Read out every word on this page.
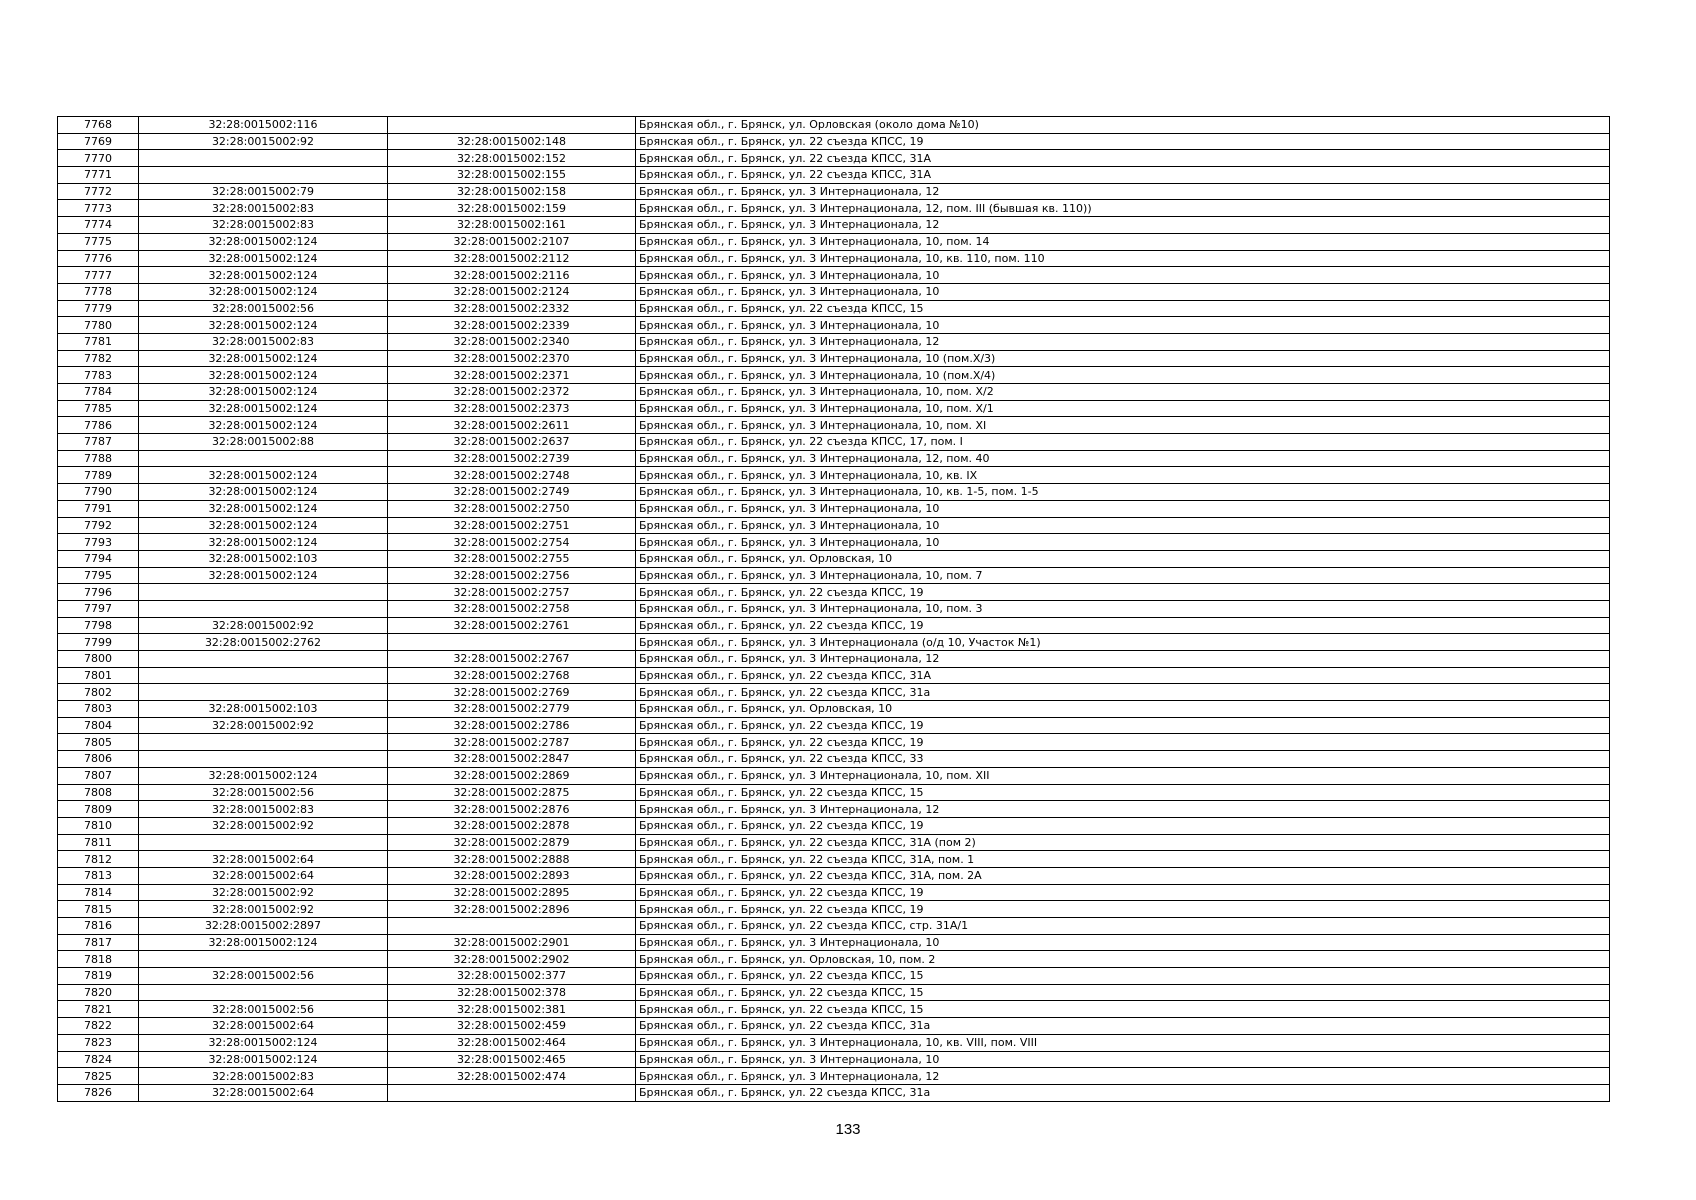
7768	32:28:0015002:116		Брянская обл., г. Брянск, ул. Орловская (около дома №10)
7769	32:28:0015002:92	32:28:0015002:148	Брянская обл., г. Брянск, ул. 22 съезда КПСС, 19
7770		32:28:0015002:152	Брянская обл., г. Брянск, ул. 22 съезда КПСС, 31А
7771		32:28:0015002:155	Брянская обл., г. Брянск, ул. 22 съезда КПСС, 31А
7772	32:28:0015002:79	32:28:0015002:158	Брянская обл., г. Брянск, ул. 3 Интернационала, 12
7773	32:28:0015002:83	32:28:0015002:159	Брянская обл., г. Брянск, ул. 3 Интернационала, 12, пом. III (бывшая кв. 110))
7774	32:28:0015002:83	32:28:0015002:161	Брянская обл., г. Брянск, ул. 3 Интернационала, 12
7775	32:28:0015002:124	32:28:0015002:2107	Брянская обл., г. Брянск, ул. 3 Интернационала, 10, пом. 14
7776	32:28:0015002:124	32:28:0015002:2112	Брянская обл., г. Брянск, ул. 3 Интернационала, 10, кв. 110, пом. 110
7777	32:28:0015002:124	32:28:0015002:2116	Брянская обл., г. Брянск, ул. 3 Интернационала, 10
7778	32:28:0015002:124	32:28:0015002:2124	Брянская обл., г. Брянск, ул. 3 Интернационала, 10
7779	32:28:0015002:56	32:28:0015002:2332	Брянская обл., г. Брянск, ул. 22 съезда КПСС, 15
7780	32:28:0015002:124	32:28:0015002:2339	Брянская обл., г. Брянск, ул. 3 Интернационала, 10
7781	32:28:0015002:83	32:28:0015002:2340	Брянская обл., г. Брянск, ул. 3 Интернационала, 12
7782	32:28:0015002:124	32:28:0015002:2370	Брянская обл., г. Брянск, ул. 3 Интернационала, 10 (пом.X/3)
7783	32:28:0015002:124	32:28:0015002:2371	Брянская обл., г. Брянск, ул. 3 Интернационала, 10 (пом.X/4)
7784	32:28:0015002:124	32:28:0015002:2372	Брянская обл., г. Брянск, ул. 3 Интернационала, 10, пом. X/2
7785	32:28:0015002:124	32:28:0015002:2373	Брянская обл., г. Брянск, ул. 3 Интернационала, 10, пом. X/1
7786	32:28:0015002:124	32:28:0015002:2611	Брянская обл., г. Брянск, ул. 3 Интернационала, 10, пом. XI
7787	32:28:0015002:88	32:28:0015002:2637	Брянская обл., г. Брянск, ул. 22 съезда КПСС, 17, пом. I
7788		32:28:0015002:2739	Брянская обл., г. Брянск, ул. 3 Интернационала, 12, пом. 40
7789	32:28:0015002:124	32:28:0015002:2748	Брянская обл., г. Брянск, ул. 3 Интернационала, 10, кв. IX
7790	32:28:0015002:124	32:28:0015002:2749	Брянская обл., г. Брянск, ул. 3 Интернационала, 10, кв. 1-5, пом. 1-5
7791	32:28:0015002:124	32:28:0015002:2750	Брянская обл., г. Брянск, ул. 3 Интернационала, 10
7792	32:28:0015002:124	32:28:0015002:2751	Брянская обл., г. Брянск, ул. 3 Интернационала, 10
7793	32:28:0015002:124	32:28:0015002:2754	Брянская обл., г. Брянск, ул. 3 Интернационала, 10
7794	32:28:0015002:103	32:28:0015002:2755	Брянская обл., г. Брянск, ул. Орловская, 10
7795	32:28:0015002:124	32:28:0015002:2756	Брянская обл., г. Брянск, ул. 3 Интернационала, 10, пом. 7
7796		32:28:0015002:2757	Брянская обл., г. Брянск, ул. 22 съезда КПСС, 19
7797		32:28:0015002:2758	Брянская обл., г. Брянск, ул. 3 Интернационала, 10, пом. 3
7798	32:28:0015002:92	32:28:0015002:2761	Брянская обл., г. Брянск, ул. 22 съезда КПСС, 19
7799	32:28:0015002:2762		Брянская обл., г. Брянск, ул. 3 Интернационала (о/д 10, Участок №1)
7800		32:28:0015002:2767	Брянская обл., г. Брянск, ул. 3 Интернационала, 12
7801		32:28:0015002:2768	Брянская обл., г. Брянск, ул. 22 съезда КПСС, 31А
7802		32:28:0015002:2769	Брянская обл., г. Брянск, ул. 22 съезда КПСС, 31а
7803	32:28:0015002:103	32:28:0015002:2779	Брянская обл., г. Брянск, ул. Орловская, 10
7804	32:28:0015002:92	32:28:0015002:2786	Брянская обл., г. Брянск, ул. 22 съезда КПСС, 19
7805		32:28:0015002:2787	Брянская обл., г. Брянск, ул. 22 съезда КПСС, 19
7806		32:28:0015002:2847	Брянская обл., г. Брянск, ул. 22 съезда КПСС, 33
7807	32:28:0015002:124	32:28:0015002:2869	Брянская обл., г. Брянск, ул. 3 Интернационала, 10, пом. XII
7808	32:28:0015002:56	32:28:0015002:2875	Брянская обл., г. Брянск, ул. 22 съезда КПСС, 15
7809	32:28:0015002:83	32:28:0015002:2876	Брянская обл., г. Брянск, ул. 3 Интернационала, 12
7810	32:28:0015002:92	32:28:0015002:2878	Брянская обл., г. Брянск, ул. 22 съезда КПСС, 19
7811		32:28:0015002:2879	Брянская обл., г. Брянск, ул. 22 съезда КПСС, 31А (пом 2)
7812	32:28:0015002:64	32:28:0015002:2888	Брянская обл., г. Брянск, ул. 22 съезда КПСС, 31А, пом. 1
7813	32:28:0015002:64	32:28:0015002:2893	Брянская обл., г. Брянск, ул. 22 съезда КПСС, 31А, пом. 2А
7814	32:28:0015002:92	32:28:0015002:2895	Брянская обл., г. Брянск, ул. 22 съезда КПСС, 19
7815	32:28:0015002:92	32:28:0015002:2896	Брянская обл., г. Брянск, ул. 22 съезда КПСС, 19
7816	32:28:0015002:2897		Брянская обл., г. Брянск, ул. 22 съезда КПСС, стр. 31А/1
7817	32:28:0015002:124	32:28:0015002:2901	Брянская обл., г. Брянск, ул. 3 Интернационала, 10
7818		32:28:0015002:2902	Брянская обл., г. Брянск, ул. Орловская, 10, пом. 2
7819	32:28:0015002:56	32:28:0015002:377	Брянская обл., г. Брянск, ул. 22 съезда КПСС, 15
7820		32:28:0015002:378	Брянская обл., г. Брянск, ул. 22 съезда КПСС, 15
7821	32:28:0015002:56	32:28:0015002:381	Брянская обл., г. Брянск, ул. 22 съезда КПСС, 15
7822	32:28:0015002:64	32:28:0015002:459	Брянская обл., г. Брянск, ул. 22 съезда КПСС, 31а
7823	32:28:0015002:124	32:28:0015002:464	Брянская обл., г. Брянск, ул. 3 Интернационала, 10, кв. VIII, пом. VIII
7824	32:28:0015002:124	32:28:0015002:465	Брянская обл., г. Брянск, ул. 3 Интернационала, 10
7825	32:28:0015002:83	32:28:0015002:474	Брянская обл., г. Брянск, ул. 3 Интернационала, 12
7826	32:28:0015002:64		Брянская обл., г. Брянск, ул. 22 съезда КПСС, 31а
133
